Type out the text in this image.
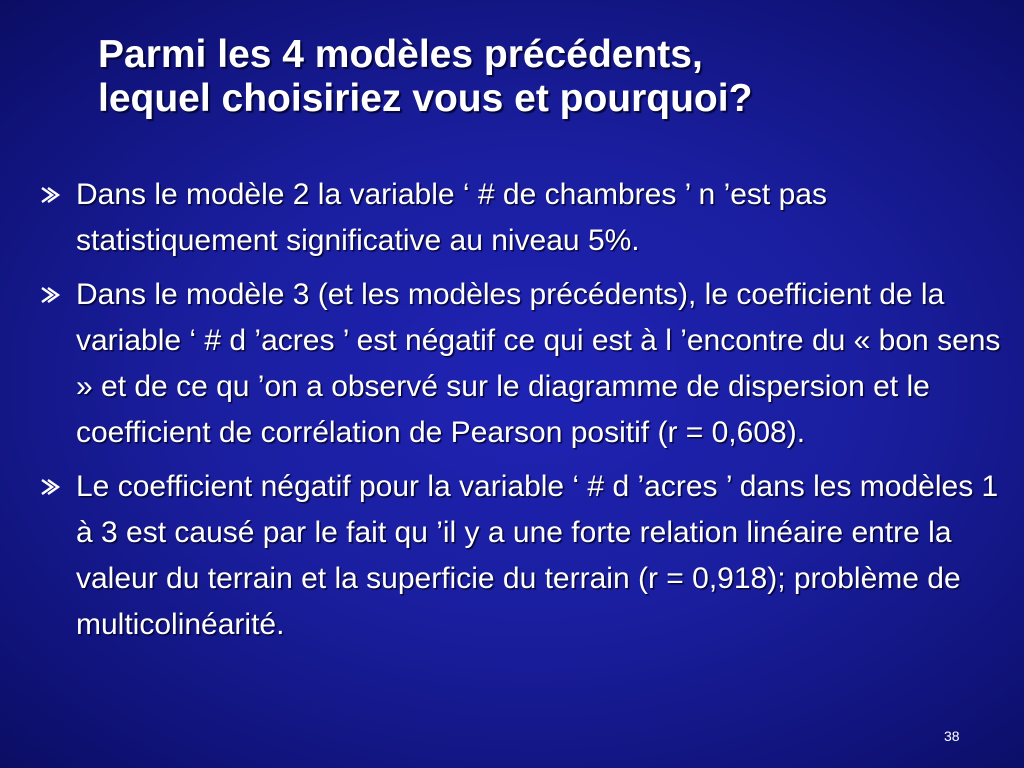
Parmi les 4 modèles précédents,
lequel choisiriez vous et pourquoi?
Dans le modèle 2 la variable ‘ # de chambres ’ n ’est pas statistiquement significative au niveau 5%.
Dans le modèle 3 (et les modèles précédents), le coefficient de la variable ‘ # d ’acres ’ est négatif ce qui est à l ’encontre du « bon sens » et de ce qu ’on a observé sur le diagramme de dispersion et le coefficient de corrélation de Pearson positif (r = 0,608).
Le coefficient négatif pour la variable ‘ # d ’acres ’ dans les modèles 1 à 3 est causé par le fait qu ’il y a une forte relation linéaire entre la valeur du terrain et la superficie du terrain (r = 0,918); problème de multicolinéarité.
38
